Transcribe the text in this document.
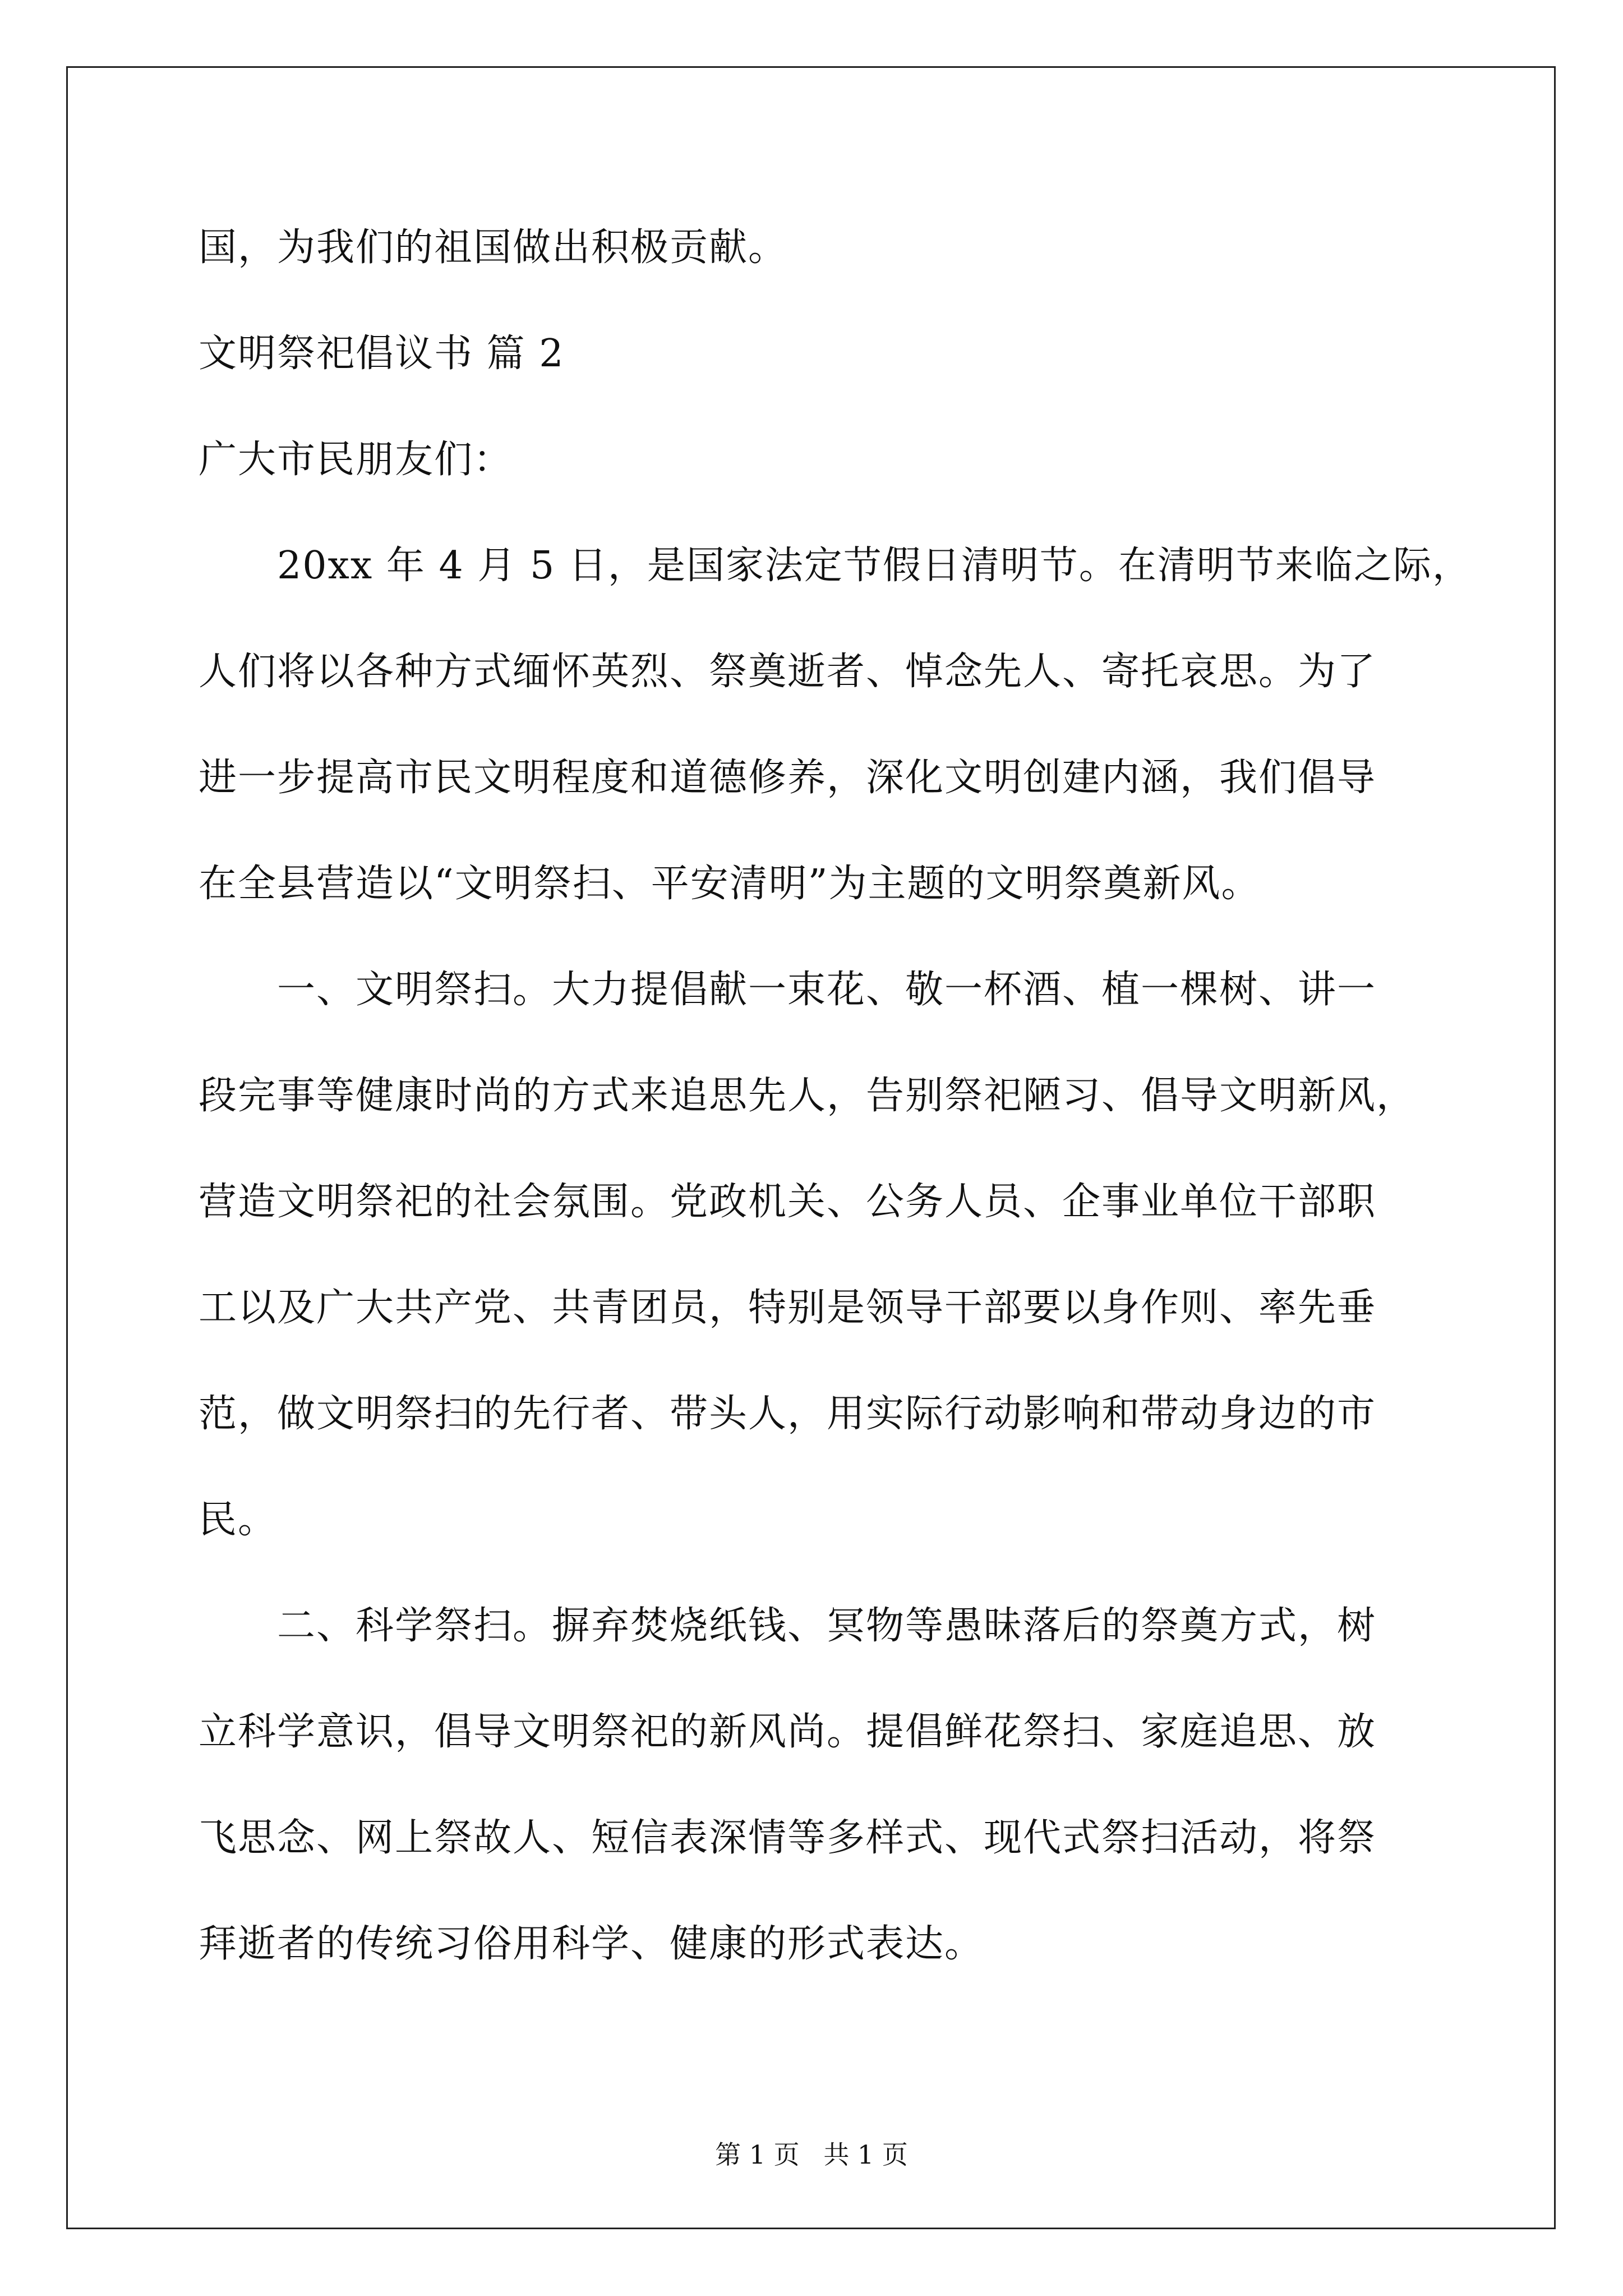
国，为我们的祖国做出积极贡献。

文明祭祀倡议书 篇 2

广大市民朋友们：

20xx 年 4 月 5 日，是国家法定节假日清明节。在清明节来临之际，
人们将以各种方式缅怀英烈、祭奠逝者、悼念先人、寄托哀思。为了
进一步提高市民文明程度和道德修养，深化文明创建内涵，我们倡导
在全县营造以“文明祭扫、平安清明”为主题的文明祭奠新风。
一、文明祭扫。大力提倡献一束花、敬一杯酒、植一棵树、讲一
段完事等健康时尚的方式来追思先人，告别祭祀陋习、倡导文明新风，
营造文明祭祀的社会氛围。党政机关、公务人员、企事业单位干部职
工以及广大共产党、共青团员，特别是领导干部要以身作则、率先垂
范，做文明祭扫的先行者、带头人，用实际行动影响和带动身边的市
民。
二、科学祭扫。摒弃焚烧纸钱、冥物等愚昧落后的祭奠方式，树
立科学意识，倡导文明祭祀的新风尚。提倡鲜花祭扫、家庭追思、放
飞思念、网上祭故人、短信表深情等多样式、现代式祭扫活动，将祭
拜逝者的传统习俗用科学、健康的形式表达。
第 1 页 共 1 页
